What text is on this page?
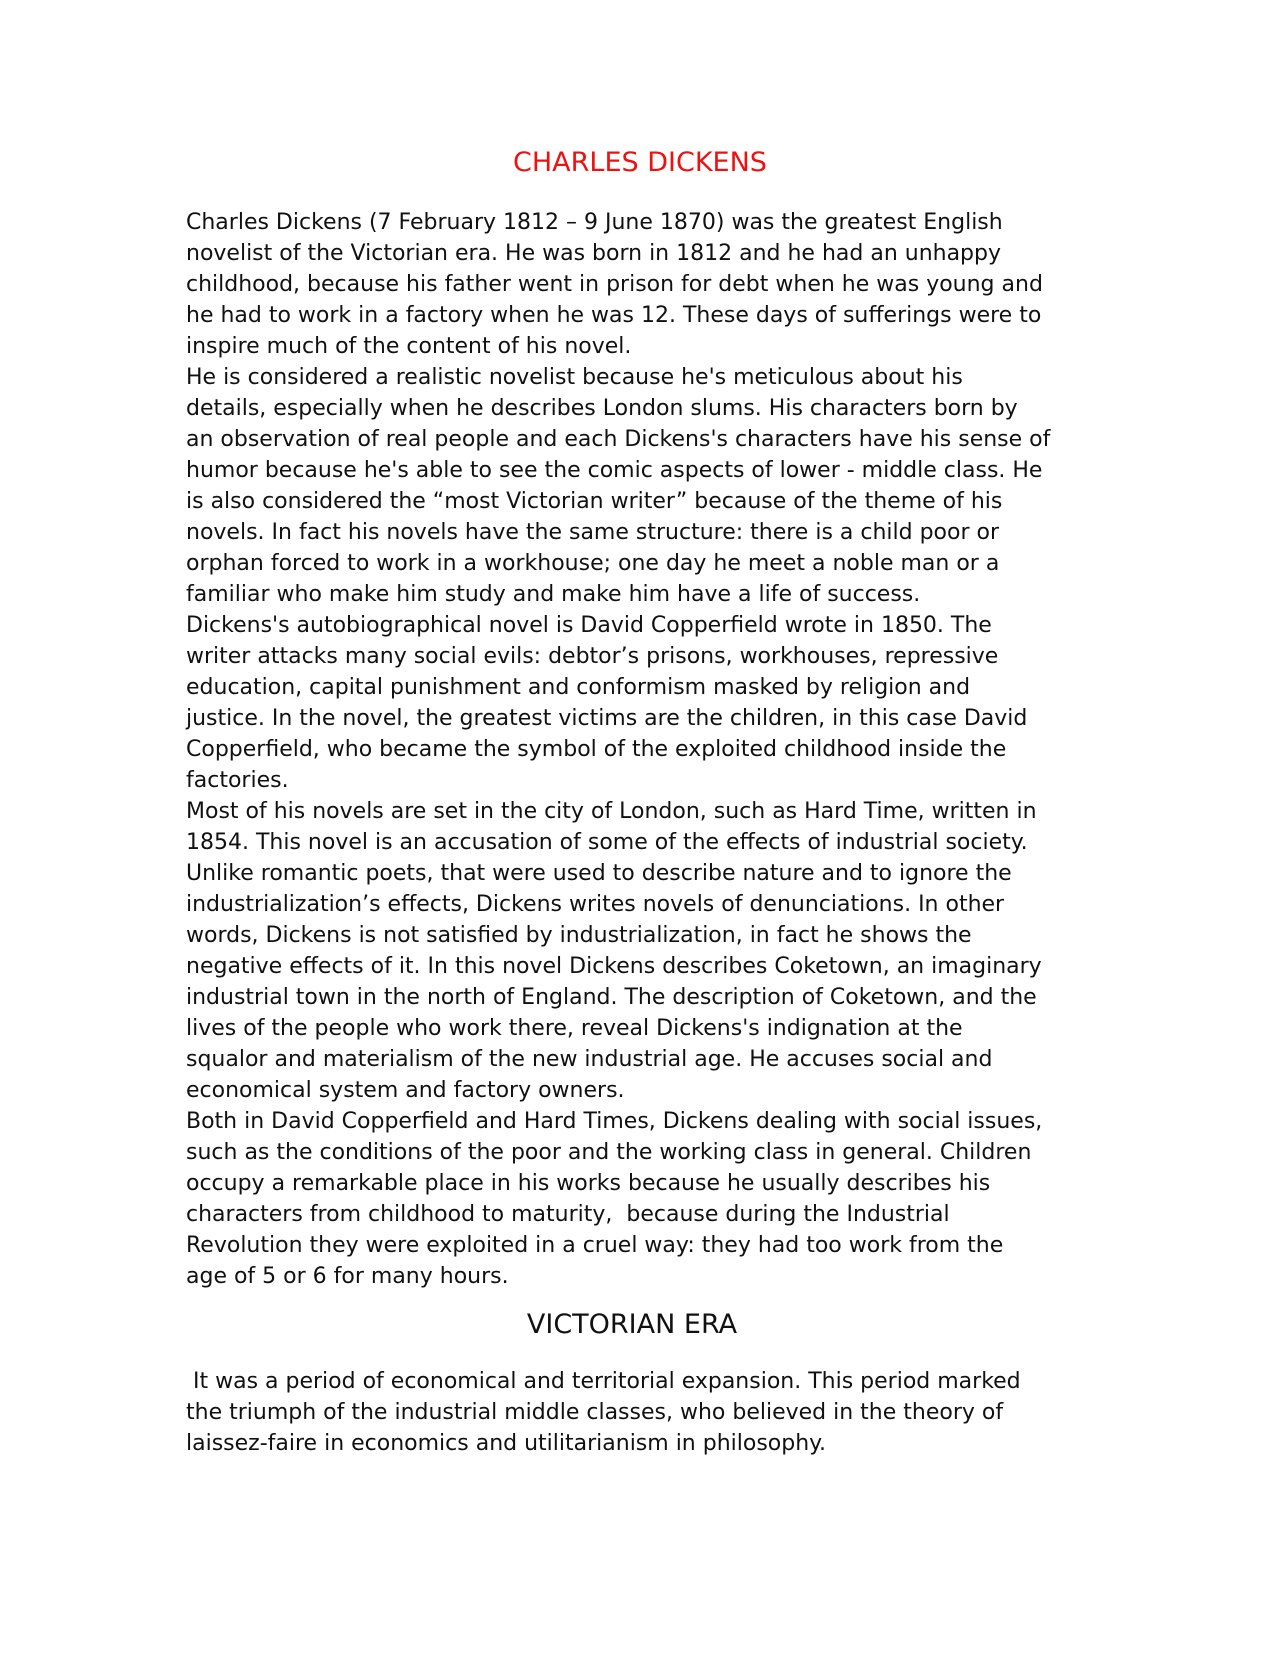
CHARLES DICKENS
Charles Dickens (7 February 1812 – 9 June 1870) was the greatest English
novelist of the Victorian era. He was born in 1812 and he had an unhappy
childhood, because his father went in prison for debt when he was young and
he had to work in a factory when he was 12. These days of sufferings were to
inspire much of the content of his novel.
He is considered a realistic novelist because he's meticulous about his
details, especially when he describes London slums. His characters born by
an observation of real people and each Dickens's characters have his sense of
humor because he's able to see the comic aspects of lower - middle class. He
is also considered the “most Victorian writer” because of the theme of his
novels. In fact his novels have the same structure: there is a child poor or
orphan forced to work in a workhouse; one day he meet a noble man or a
familiar who make him study and make him have a life of success.
Dickens's autobiographical novel is David Copperfield wrote in 1850. The
writer attacks many social evils: debtor’s prisons, workhouses, repressive
education, capital punishment and conformism masked by religion and
justice. In the novel, the greatest victims are the children, in this case David
Copperfield, who became the symbol of the exploited childhood inside the
factories.
Most of his novels are set in the city of London, such as Hard Time, written in
1854. This novel is an accusation of some of the effects of industrial society.
Unlike romantic poets, that were used to describe nature and to ignore the
industrialization’s effects, Dickens writes novels of denunciations. In other
words, Dickens is not satisfied by industrialization, in fact he shows the
negative effects of it. In this novel Dickens describes Coketown, an imaginary
industrial town in the north of England. The description of Coketown, and the
lives of the people who work there, reveal Dickens's indignation at the
squalor and materialism of the new industrial age. He accuses social and
economical system and factory owners.
Both in David Copperfield and Hard Times, Dickens dealing with social issues,
such as the conditions of the poor and the working class in general. Children
occupy a remarkable place in his works because he usually describes his
characters from childhood to maturity,  because during the Industrial
Revolution they were exploited in a cruel way: they had too work from the
age of 5 or 6 for many hours.
VICTORIAN ERA
It was a period of economical and territorial expansion. This period marked
the triumph of the industrial middle classes, who believed in the theory of
laissez-faire in economics and utilitarianism in philosophy.
